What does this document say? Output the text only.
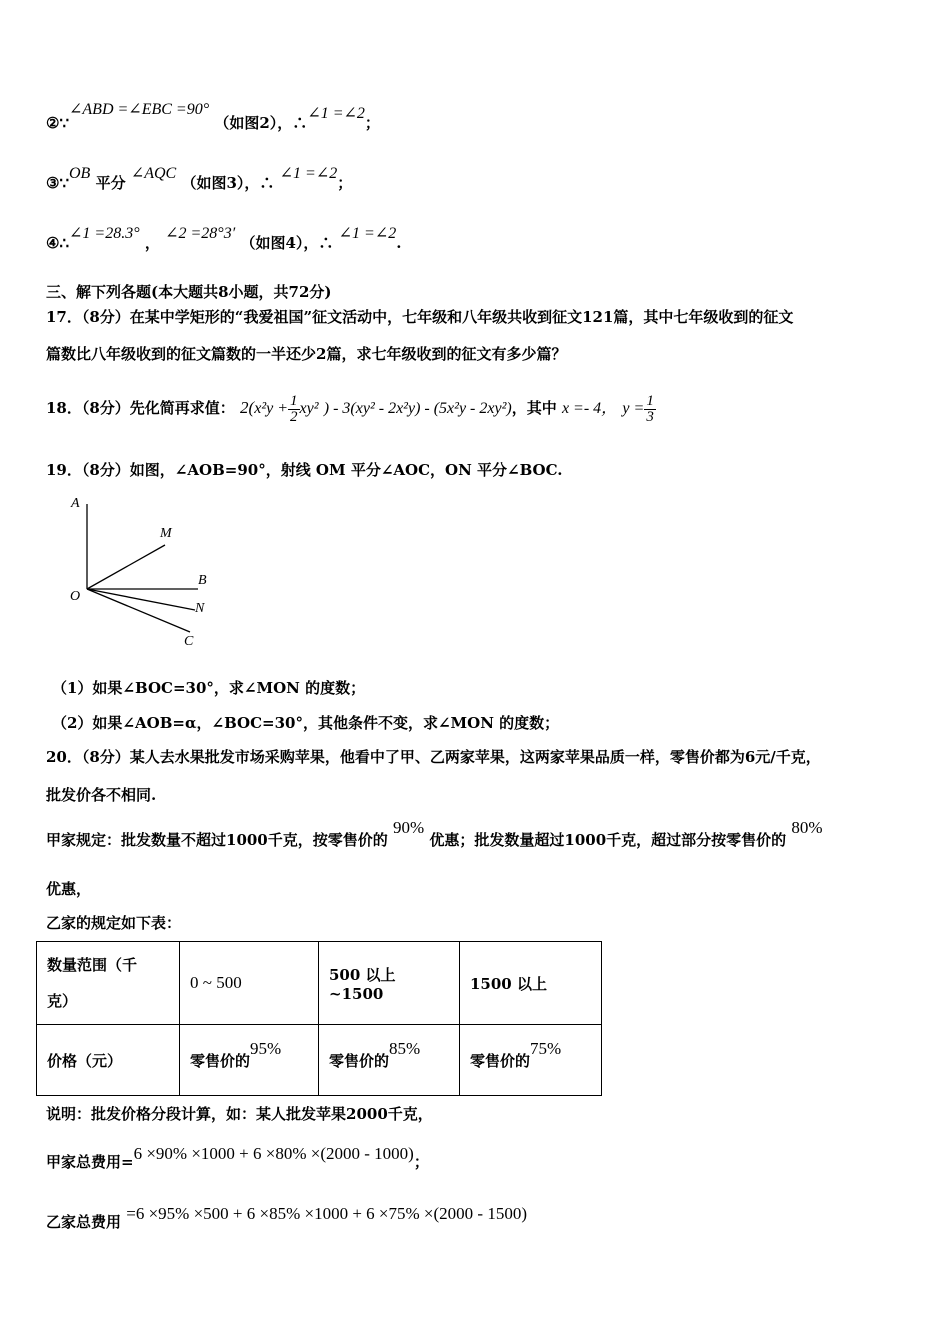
②∵∠ABD =∠EBC =90° （如图2），∴∠1 =∠2；
③∵OB 平分 ∠AQC （如图3），∴ ∠1 =∠2；
④∴∠1 =28.3° ， ∠2 =28°3′ （如图4），∴ ∠1 =∠2.
三、解下列各题(本大题共8小题，共72分)
17．（8分）在某中学矩形的“我爱祖国”征文活动中，七年级和八年级共收到征文121篇，其中七年级收到的征文
篇数比八年级收到的征文篇数的一半还少2篇，求七年级收到的征文有多少篇？
18．（8分）先化简再求值： $2(x^2y + \frac{1}{2} xy^2$ ) - 3(xy² - 2x²y) - (5x²y - 2xy²)，其中 x =- 4， $y = \frac{1}{3}$
19．（8分）如图，∠AOB=90°，射线 OM 平分∠AOC，ON 平分∠BOC.
A
M
B
O
N
C
（1）如果∠BOC=30°，求∠MON 的度数；
（2）如果∠AOB=α，∠BOC=30°，其他条件不变，求∠MON 的度数；
20．（8分）某人去水果批发市场采购苹果，他看中了甲、乙两家苹果，这两家苹果品质一样，零售价都为6元/千克，
批发价各不相同.
甲家规定：批发数量不超过1000千克，按零售价的 90% 优惠；批发数量超过1000千克，超过部分按零售价的 80%
优惠，
乙家的规定如下表：
数量范围（千
克）	0 ~ 500	500 以上~1500	1500 以上
价格（元）	零售价的95%	零售价的85%	零售价的75%
说明：批发价格分段计算，如：某人批发苹果2000千克，
甲家总费用=6 ×90% ×1000 + 6 ×80% ×(2000 - 1000)；
乙家总费用 =6 ×95% ×500 + 6 ×85% ×1000 + 6 ×75% ×(2000 - 1500)
